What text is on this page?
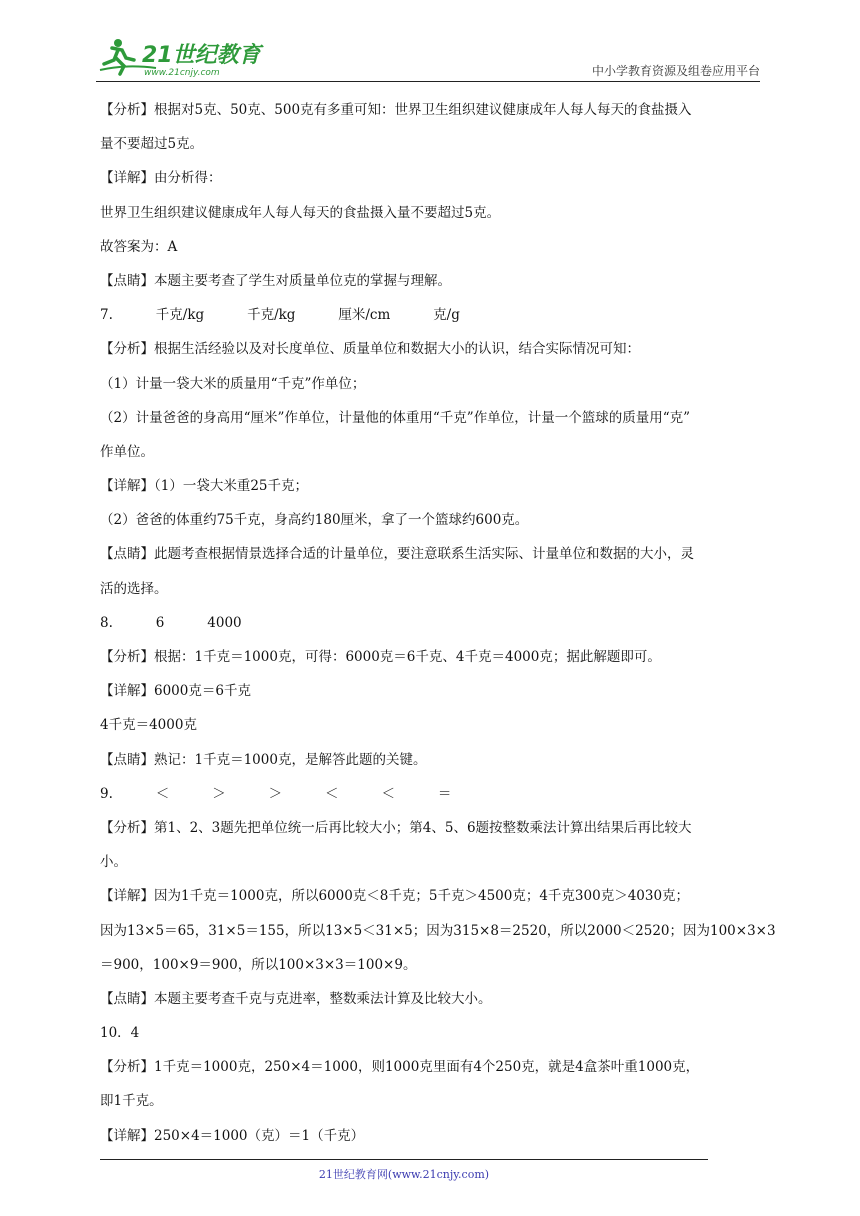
21世纪教育
www.21cnjy.com	中小学教育资源及组卷应用平台
【分析】根据对5克、50克、500克有多重可知：世界卫生组织建议健康成年人每人每天的食盐摄入
量不要超过5克。
【详解】由分析得：
世界卫生组织建议健康成年人每人每天的食盐摄入量不要超过5克。
故答案为：A
【点睛】本题主要考查了学生对质量单位克的掌握与理解。
7.          千克/kg          千克/kg          厘米/cm          克/g
【分析】根据生活经验以及对长度单位、质量单位和数据大小的认识，结合实际情况可知：
（1）计量一袋大米的质量用“千克”作单位；
（2）计量爸爸的身高用“厘米”作单位，计量他的体重用“千克”作单位，计量一个篮球的质量用“克”
作单位。
【详解】（1）一袋大米重25千克；
（2）爸爸的体重约75千克，身高约180厘米，拿了一个篮球约600克。
【点睛】此题考查根据情景选择合适的计量单位，要注意联系生活实际、计量单位和数据的大小，灵
活的选择。
8.          6          4000
【分析】根据：1千克＝1000克，可得：6000克＝6千克、4千克＝4000克；据此解题即可。
【详解】6000克＝6千克
4千克＝4000克
【点睛】熟记：1千克＝1000克，是解答此题的关键。
9.          ＜          ＞          ＞          ＜          ＜          ＝
【分析】第1、2、3题先把单位统一后再比较大小；第4、5、6题按整数乘法计算出结果后再比较大
小。
【详解】因为1千克＝1000克，所以6000克＜8千克；5千克＞4500克；4千克300克＞4030克；
因为13×5＝65，31×5＝155，所以13×5＜31×5；因为315×8＝2520，所以2000＜2520；因为100×3×3
＝900，100×9＝900，所以100×3×3＝100×9。
【点睛】本题主要考查千克与克进率，整数乘法计算及比较大小。
10．4
【分析】1千克＝1000克，250×4＝1000，则1000克里面有4个250克，就是4盒茶叶重1000克，
即1千克。
【详解】250×4＝1000（克）＝1（千克）
21世纪教育网(www.21cnjy.com)
